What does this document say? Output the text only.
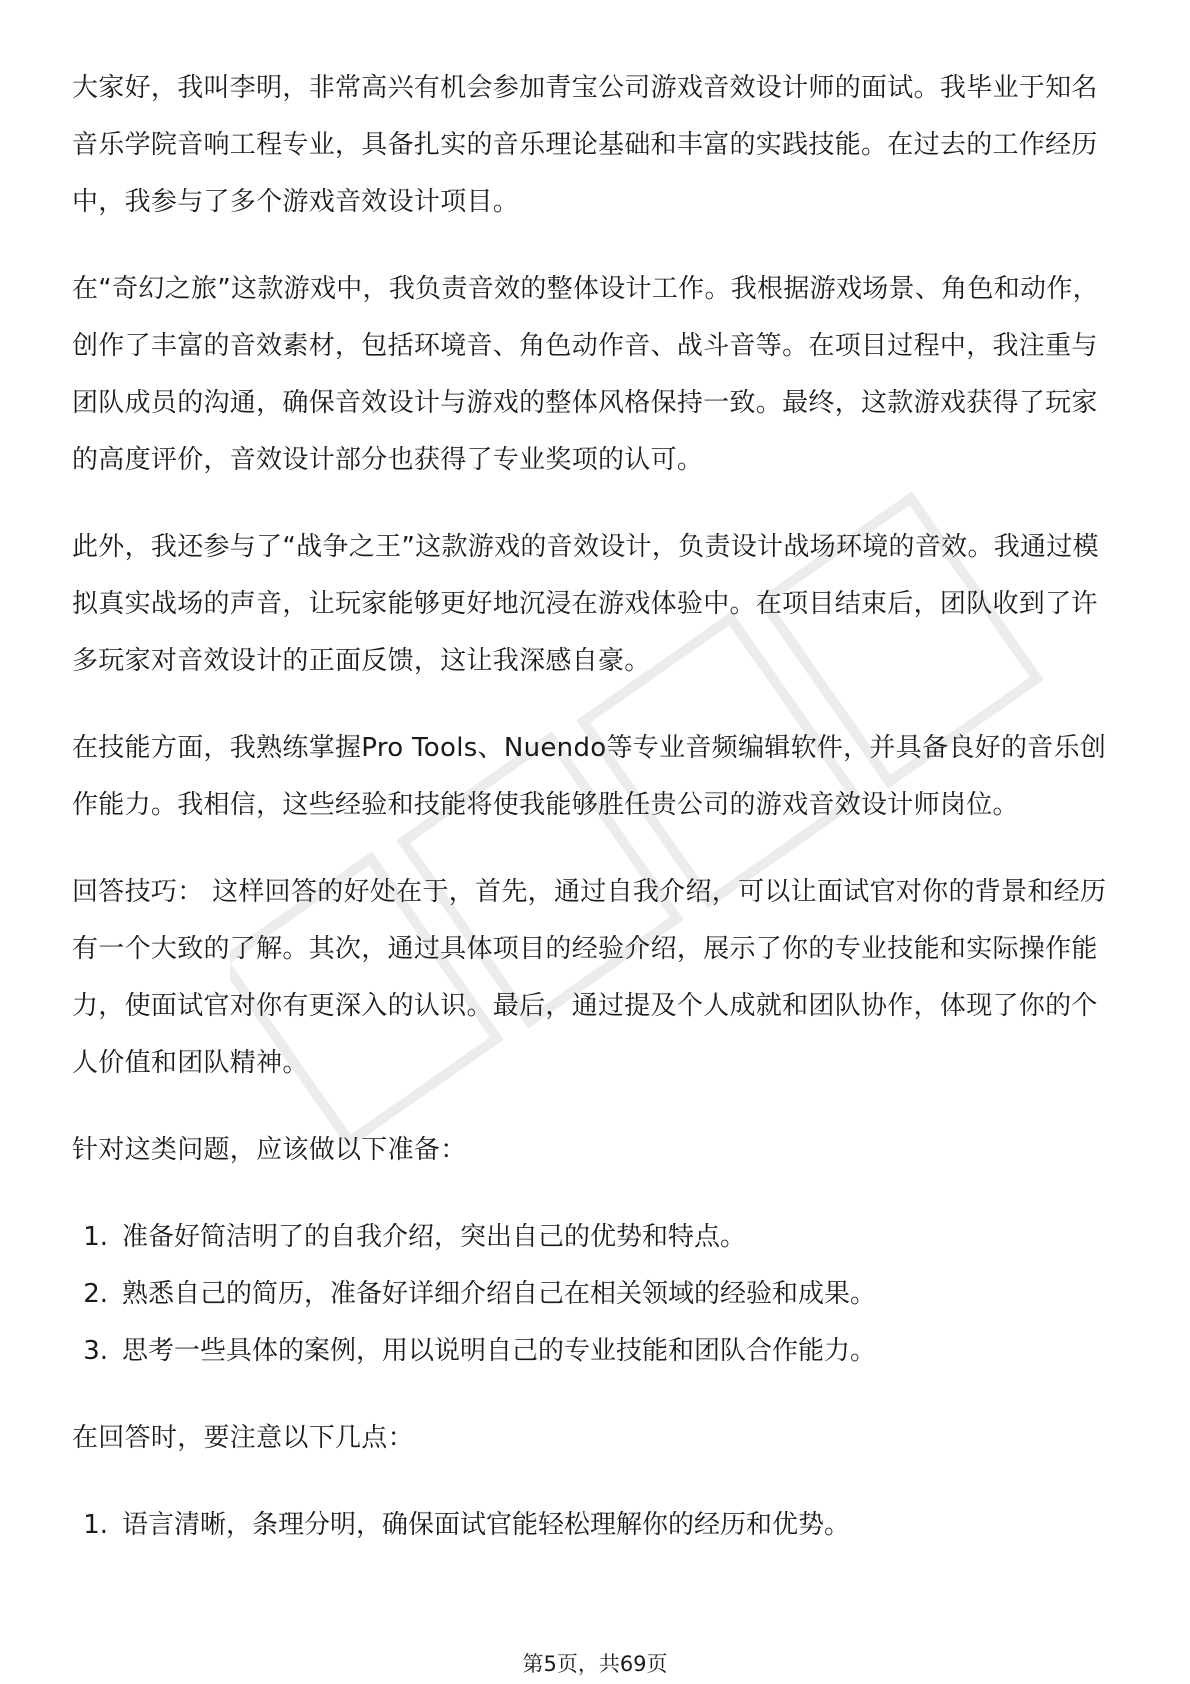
大家好，我叫李明，非常高兴有机会参加青宝公司游戏音效设计师的面试。我毕业于知名音乐学院音响工程专业，具备扎实的音乐理论基础和丰富的实践技能。在过去的工作经历中，我参与了多个游戏音效设计项目。

在“奇幻之旅”这款游戏中，我负责音效的整体设计工作。我根据游戏场景、角色和动作，创作了丰富的音效素材，包括环境音、角色动作音、战斗音等。在项目过程中，我注重与团队成员的沟通，确保音效设计与游戏的整体风格保持一致。最终，这款游戏获得了玩家的高度评价，音效设计部分也获得了专业奖项的认可。

此外，我还参与了“战争之王”这款游戏的音效设计，负责设计战场环境的音效。我通过模拟真实战场的声音，让玩家能够更好地沉浸在游戏体验中。在项目结束后，团队收到了许多玩家对音效设计的正面反馈，这让我深感自豪。

在技能方面，我熟练掌握Pro Tools、Nuendo等专业音频编辑软件，并具备良好的音乐创作能力。我相信，这些经验和技能将使我能够胜任贵公司的游戏音效设计师岗位。

回答技巧： 这样回答的好处在于，首先，通过自我介绍，可以让面试官对你的背景和经历有一个大致的了解。其次，通过具体项目的经验介绍，展示了你的专业技能和实际操作能力，使面试官对你有更深入的认识。最后，通过提及个人成就和团队协作，体现了你的个人价值和团队精神。

针对这类问题，应该做以下准备：

1. 准备好简洁明了的自我介绍，突出自己的优势和特点。
2. 熟悉自己的简历，准备好详细介绍自己在相关领域的经验和成果。
3. 思考一些具体的案例，用以说明自己的专业技能和团队合作能力。

在回答时，要注意以下几点：

1. 语言清晰，条理分明，确保面试官能轻松理解你的经历和优势。
第5页，共69页
